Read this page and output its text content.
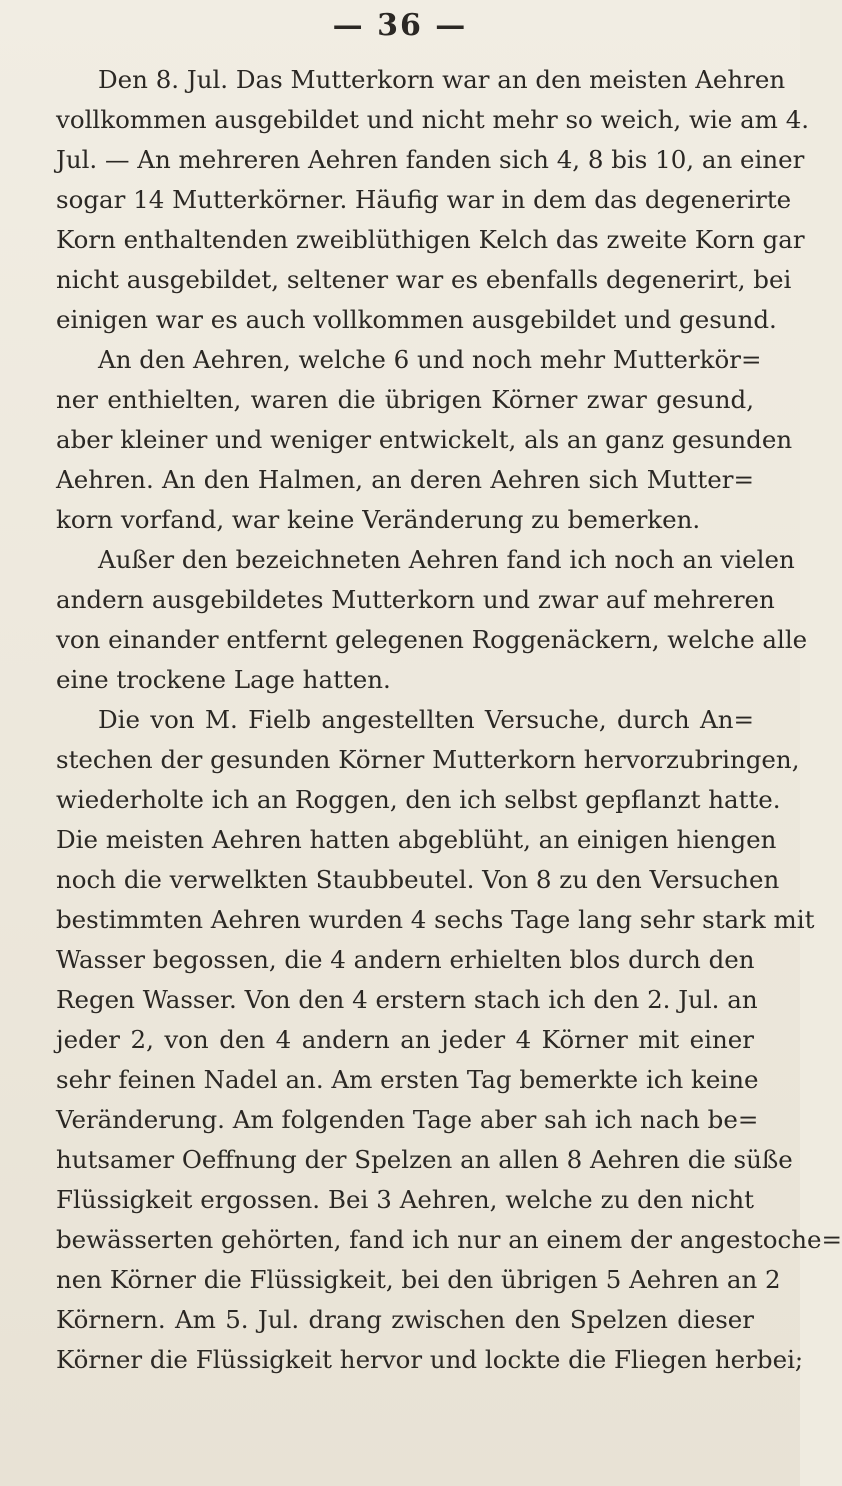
— 36 —
Den 8. Jul. Das Mutterkorn war an den meisten Aehren
vollkommen ausgebildet und nicht mehr so weich, wie am 4.
Jul. — An mehreren Aehren fanden sich 4, 8 bis 10, an einer
sogar 14 Mutterkörner. Häufig war in dem das degenerirte
Korn enthaltenden zweiblüthigen Kelch das zweite Korn gar
nicht ausgebildet, seltener war es ebenfalls degenerirt, bei
einigen war es auch vollkommen ausgebildet und gesund.
An den Aehren, welche 6 und noch mehr Mutterkör=
ner enthielten, waren die übrigen Körner zwar gesund,
aber kleiner und weniger entwickelt, als an ganz gesunden
Aehren. An den Halmen, an deren Aehren sich Mutter=
korn vorfand, war keine Veränderung zu bemerken.
Außer den bezeichneten Aehren fand ich noch an vielen
andern ausgebildetes Mutterkorn und zwar auf mehreren
von einander entfernt gelegenen Roggenäckern, welche alle
eine trockene Lage hatten.
Die von M. Fielb angestellten Versuche, durch An=
stechen der gesunden Körner Mutterkorn hervorzubringen,
wiederholte ich an Roggen, den ich selbst gepflanzt hatte.
Die meisten Aehren hatten abgeblüht, an einigen hiengen
noch die verwelkten Staubbeutel. Von 8 zu den Versuchen
bestimmten Aehren wurden 4 sechs Tage lang sehr stark mit
Wasser begossen, die 4 andern erhielten blos durch den
Regen Wasser. Von den 4 erstern stach ich den 2. Jul. an
jeder 2, von den 4 andern an jeder 4 Körner mit einer
sehr feinen Nadel an. Am ersten Tag bemerkte ich keine
Veränderung. Am folgenden Tage aber sah ich nach be=
hutsamer Oeffnung der Spelzen an allen 8 Aehren die süße
Flüssigkeit ergossen. Bei 3 Aehren, welche zu den nicht
bewässerten gehörten, fand ich nur an einem der angestoche=
nen Körner die Flüssigkeit, bei den übrigen 5 Aehren an 2
Körnern. Am 5. Jul. drang zwischen den Spelzen dieser
Körner die Flüssigkeit hervor und lockte die Fliegen herbei;
